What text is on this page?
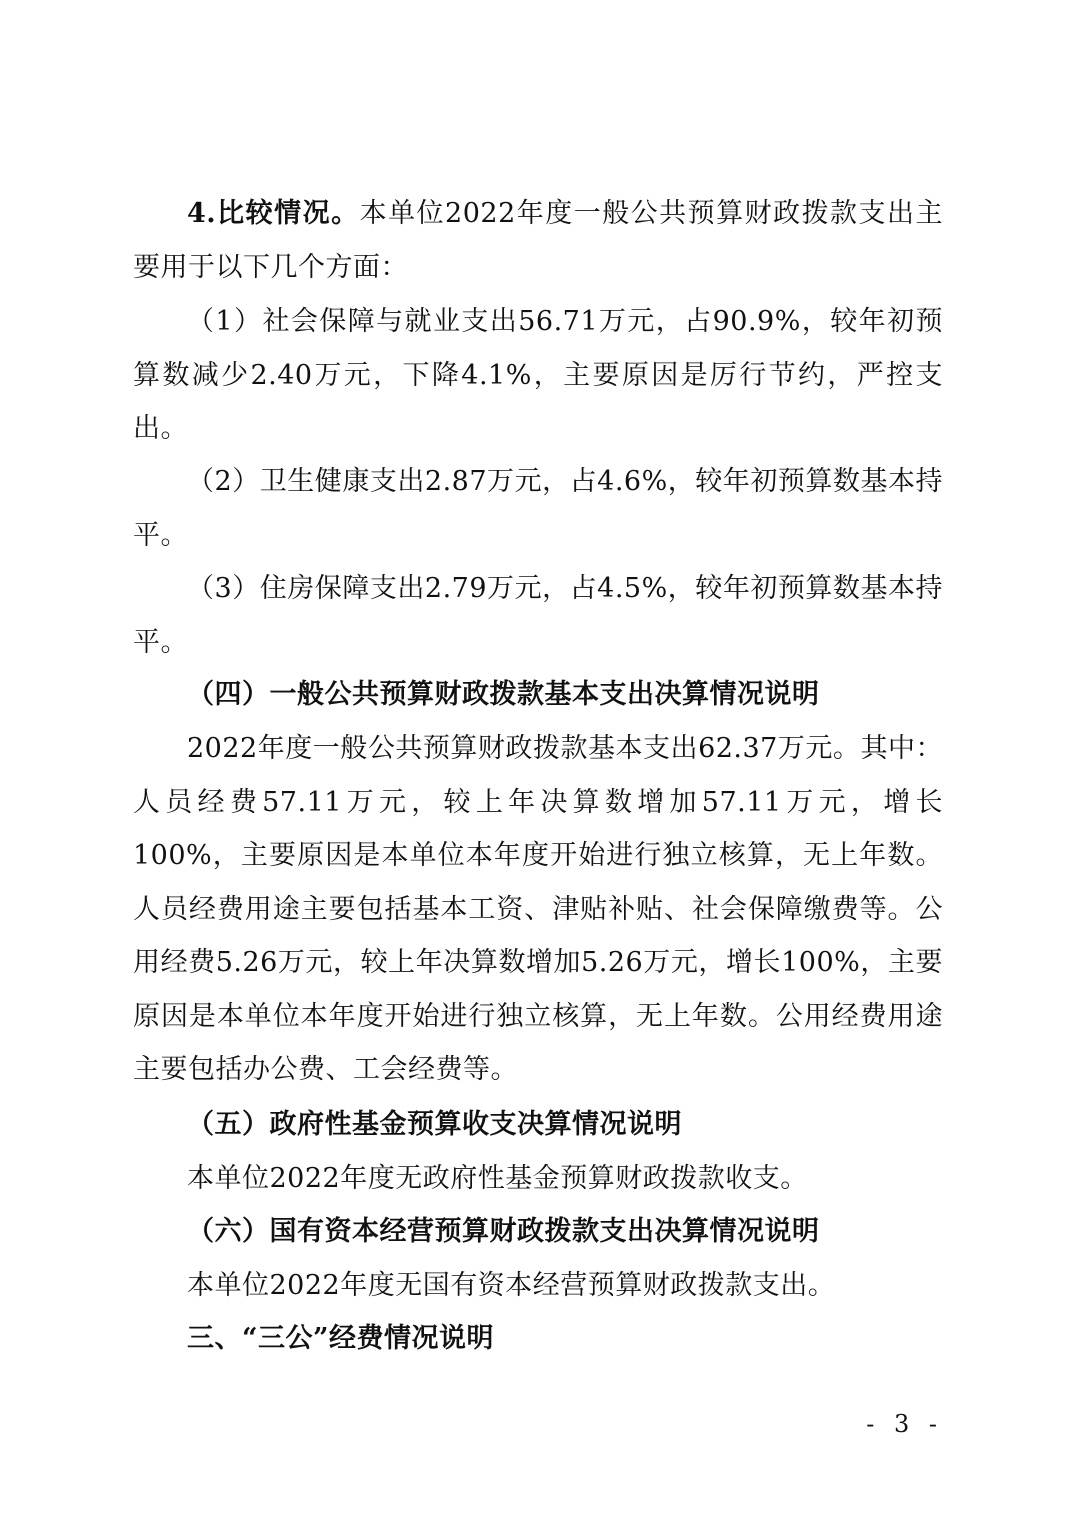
4.比较情况。本单位2022年度一般公共预算财政拨款支出主要用于以下几个方面：

（1）社会保障与就业支出56.71万元，占90.9%，较年初预算数减少2.40万元，下降4.1%，主要原因是厉行节约，严控支出。

（2）卫生健康支出2.87万元，占4.6%，较年初预算数基本持平。

（3）住房保障支出2.79万元，占4.5%，较年初预算数基本持平。

（四）一般公共预算财政拨款基本支出决算情况说明

2022年度一般公共预算财政拨款基本支出62.37万元。其中：人员经费57.11万元，较上年决算数增加57.11万元，增长100%，主要原因是本单位本年度开始进行独立核算，无上年数。人员经费用途主要包括基本工资、津贴补贴、社会保障缴费等。公用经费5.26万元，较上年决算数增加5.26万元，增长100%，主要原因是本单位本年度开始进行独立核算，无上年数。公用经费用途主要包括办公费、工会经费等。

（五）政府性基金预算收支决算情况说明

本单位2022年度无政府性基金预算财政拨款收支。

（六）国有资本经营预算财政拨款支出决算情况说明

本单位2022年度无国有资本经营预算财政拨款支出。

三、“三公”经费情况说明

- 3 -
